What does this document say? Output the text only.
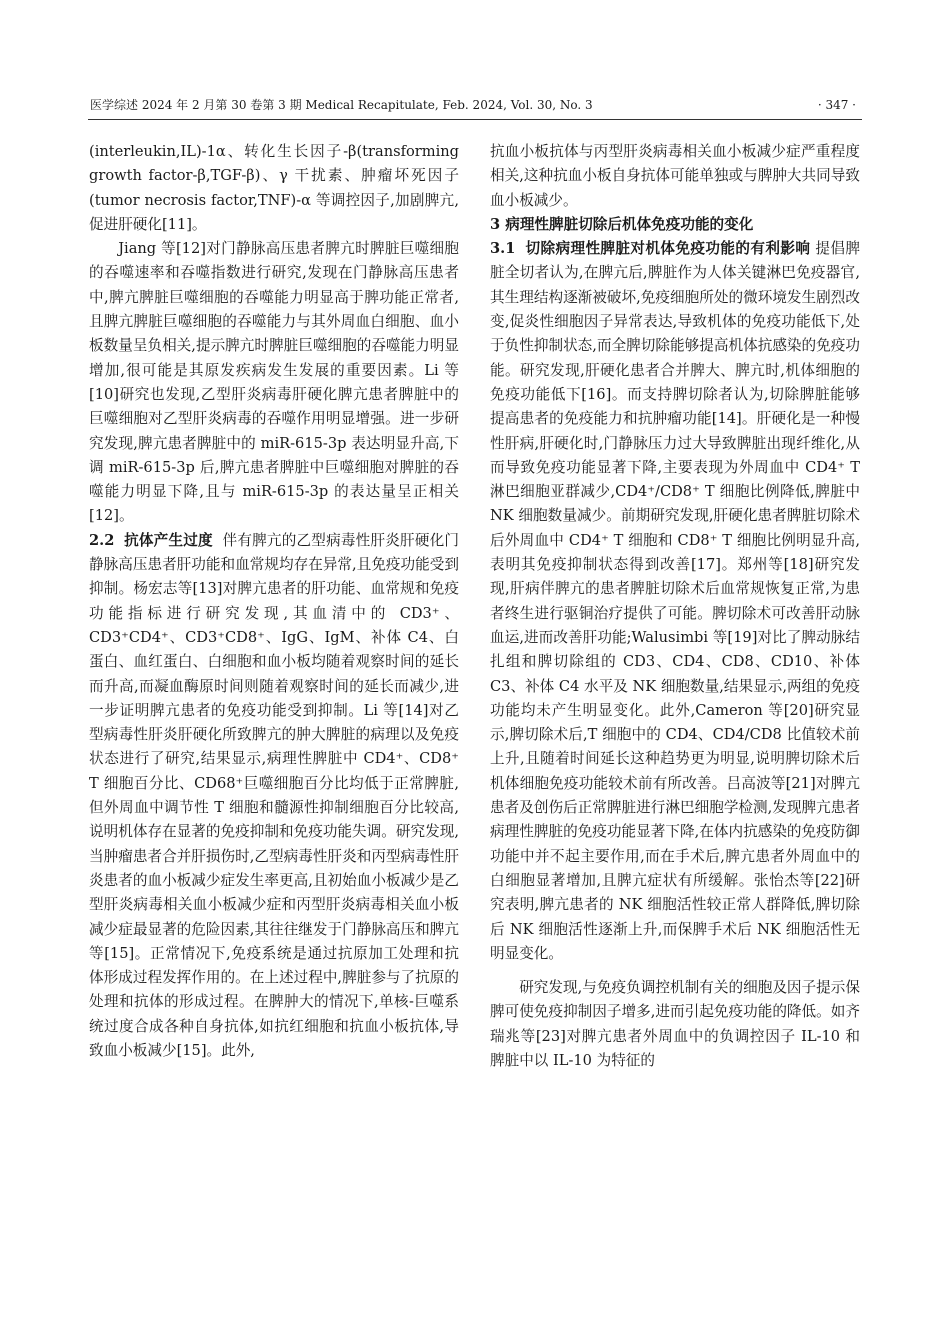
医学综述 2024 年 2 月第 30 卷第 3 期 Medical Recapitulate, Feb. 2024, Vol. 30, No. 3	· 347 ·

(interleukin,IL)-1α、转化生长因子-β(transforming growth factor-β,TGF-β)、γ 干扰素、肿瘤坏死因子(tumor necrosis factor,TNF)-α 等调控因子,加剧脾亢,促进肝硬化[11]。

Jiang 等[12]对门静脉高压患者脾亢时脾脏巨噬细胞的吞噬速率和吞噬指数进行研究,发现在门静脉高压患者中,脾亢脾脏巨噬细胞的吞噬能力明显高于脾功能正常者,且脾亢脾脏巨噬细胞的吞噬能力与其外周血白细胞、血小板数量呈负相关,提示脾亢时脾脏巨噬细胞的吞噬能力明显增加,很可能是其原发疾病发生发展的重要因素。Li 等[10]研究也发现,乙型肝炎病毒肝硬化脾亢患者脾脏中的巨噬细胞对乙型肝炎病毒的吞噬作用明显增强。进一步研究发现,脾亢患者脾脏中的 miR-615-3p 表达明显升高,下调 miR-615-3p 后,脾亢患者脾脏中巨噬细胞对脾脏的吞噬能力明显下降,且与 miR-615-3p 的表达量呈正相关[12]。

2.2 抗体产生过度 伴有脾亢的乙型病毒性肝炎肝硬化门静脉高压患者肝功能和血常规均存在异常,且免疫功能受到抑制。杨宏志等[13]对脾亢患者的肝功能、血常规和免疫功能指标进行研究发现,其血清中的 CD3⁺、CD3⁺CD4⁺、CD3⁺CD8⁺、IgG、IgM、补体 C4、白蛋白、血红蛋白、白细胞和血小板均随着观察时间的延长而升高,而凝血酶原时间则随着观察时间的延长而减少,进一步证明脾亢患者的免疫功能受到抑制。Li 等[14]对乙型病毒性肝炎肝硬化所致脾亢的肿大脾脏的病理以及免疫状态进行了研究,结果显示,病理性脾脏中 CD4⁺、CD8⁺ T 细胞百分比、CD68⁺巨噬细胞百分比均低于正常脾脏,但外周血中调节性 T 细胞和髓源性抑制细胞百分比较高,说明机体存在显著的免疫抑制和免疫功能失调。研究发现,当肿瘤患者合并肝损伤时,乙型病毒性肝炎和丙型病毒性肝炎患者的血小板减少症发生率更高,且初始血小板减少是乙型肝炎病毒相关血小板减少症和丙型肝炎病毒相关血小板减少症最显著的危险因素,其往往继发于门静脉高压和脾亢等[15]。正常情况下,免疫系统是通过抗原加工处理和抗体形成过程发挥作用的。在上述过程中,脾脏参与了抗原的处理和抗体的形成过程。在脾肿大的情况下,单核-巨噬系统过度合成各种自身抗体,如抗红细胞和抗血小板抗体,导致血小板减少[15]。此外,

抗血小板抗体与丙型肝炎病毒相关血小板减少症严重程度相关,这种抗血小板自身抗体可能单独或与脾肿大共同导致血小板减少。

3 病理性脾脏切除后机体免疫功能的变化

3.1 切除病理性脾脏对机体免疫功能的有利影响 提倡脾脏全切者认为,在脾亢后,脾脏作为人体关键淋巴免疫器官,其生理结构逐渐被破坏,免疫细胞所处的微环境发生剧烈改变,促炎性细胞因子异常表达,导致机体的免疫功能低下,处于负性抑制状态,而全脾切除能够提高机体抗感染的免疫功能。研究发现,肝硬化患者合并脾大、脾亢时,机体细胞的免疫功能低下[16]。而支持脾切除者认为,切除脾脏能够提高患者的免疫能力和抗肿瘤功能[14]。肝硬化是一种慢性肝病,肝硬化时,门静脉压力过大导致脾脏出现纤维化,从而导致免疫功能显著下降,主要表现为外周血中 CD4⁺ T 淋巴细胞亚群减少,CD4⁺/CD8⁺ T 细胞比例降低,脾脏中 NK 细胞数量减少。前期研究发现,肝硬化患者脾脏切除术后外周血中 CD4⁺ T 细胞和 CD8⁺ T 细胞比例明显升高,表明其免疫抑制状态得到改善[17]。郑州等[18]研究发现,肝病伴脾亢的患者脾脏切除术后血常规恢复正常,为患者终生进行驱铜治疗提供了可能。脾切除术可改善肝动脉血运,进而改善肝功能;Walusimbi 等[19]对比了脾动脉结扎组和脾切除组的 CD3、CD4、CD8、CD10、补体 C3、补体 C4 水平及 NK 细胞数量,结果显示,两组的免疫功能均未产生明显变化。此外,Cameron 等[20]研究显示,脾切除术后,T 细胞中的 CD4、CD4/CD8 比值较术前上升,且随着时间延长这种趋势更为明显,说明脾切除术后机体细胞免疫功能较术前有所改善。吕高波等[21]对脾亢患者及创伤后正常脾脏进行淋巴细胞学检测,发现脾亢患者病理性脾脏的免疫功能显著下降,在体内抗感染的免疫防御功能中并不起主要作用,而在手术后,脾亢患者外周血中的白细胞显著增加,且脾亢症状有所缓解。张怡杰等[22]研究表明,脾亢患者的 NK 细胞活性较正常人群降低,脾切除后 NK 细胞活性逐渐上升,而保脾手术后 NK 细胞活性无明显变化。

研究发现,与免疫负调控机制有关的细胞及因子提示保脾可使免疫抑制因子增多,进而引起免疫功能的降低。如齐瑞兆等[23]对脾亢患者外周血中的负调控因子 IL-10 和脾脏中以 IL-10 为特征的
